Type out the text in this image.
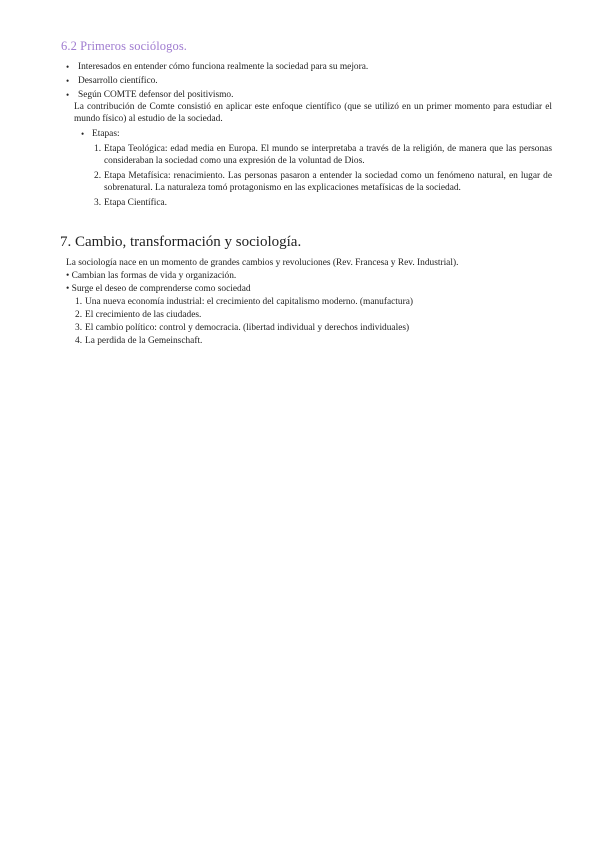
6.2 Primeros sociólogos.
• Interesados en entender cómo funciona realmente la sociedad para su mejora.
• Desarrollo científico.
• Según COMTE defensor del positivismo.

La contribución de Comte consistió en aplicar este enfoque científico (que se utilizó en un primer momento para estudiar el mundo físico) al estudio de la sociedad.

• Etapas:
1. Etapa Teológica: edad media en Europa. El mundo se interpretaba a través de la religión, de manera que las personas consideraban la sociedad como una expresión de la voluntad de Dios.
2. Etapa Metafísica: renacimiento. Las personas pasaron a entender la sociedad como un fenómeno natural, en lugar de sobrenatural. La naturaleza tomó protagonismo en las explicaciones metafísicas de la sociedad.
3. Etapa Científica.
7. Cambio, transformación y sociología.

La sociología nace en un momento de grandes cambios y revoluciones (Rev. Francesa y Rev. Industrial).

• Cambian las formas de vida y organización.

• Surge el deseo de comprenderse como sociedad

1. Una nueva economía industrial: el crecimiento del capitalismo moderno. (manufactura)
2. El crecimiento de las ciudades.
3. El cambio político: control y democracia. (libertad individual y derechos individuales)
4. La perdida de la Gemeinschaft.
